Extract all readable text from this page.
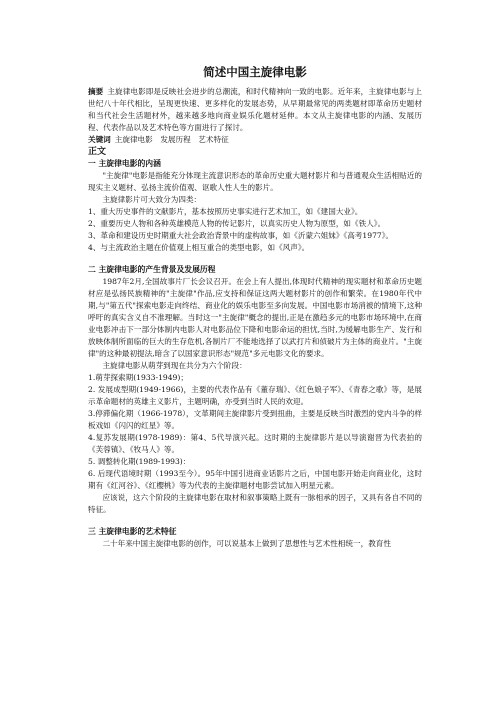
简述中国主旋律电影

摘要 主旋律电影即是反映社会进步的总潮流，和时代精神向一致的电影。近年来，主旋律电影与上世纪八十年代相比，呈现更快速、更多样化的发展态势，从早期最常见的两类题材即革命历史题材和当代社会生活题材外，越来越多地向商业娱乐化题材延伸。本文从主旋律电影的内涵、发展历程、代表作品以及艺术特色等方面进行了探讨。

关键词 主旋律电影　发展历程　艺术特征

正文
一 主旋律电影的内涵

"主旋律"电影是指能充分体现主流意识形态的革命历史重大题材影片和与普通观众生活相贴近的现实主义题材、弘扬主流价值观、讴歌人性人生的影片。

主旋律影片可大致分为四类：

1、重大历史事件的文献影片，基本按照历史事实进行艺术加工，如《建国大业》。

2、重要历史人物和各种英雄模范人物的传记影片，以真实历史人物为原型，如《铁人》。

3、革命和建设历史时期重大社会政治背景中的虚构故事，如《沂蒙六姐妹》《高考1977》。

4、与主流政治主题在价值观上相互重合的类型电影，如《风声》。

二 主旋律电影的产生背景及发展历程

1987年2月,全国故事片厂长会议召开。在会上有人提出,体现时代精神的现实题材和革命历史题材应是弘扬民族精神的"主旋律"作品,应支持和保证这两大题材影片的创作和繁荣。在1980年代中期,与"第五代"探索电影走向终结、商业化的娱乐电影至多向发展。中国电影市场消被的情境下,这种呼吁的真实含义自不准理解。当时这一"主旋律"概念的提出,正是在激趋多元的电影市场环境中,在商业电影冲击下一部分体制内电影人对电影品位下降和电影命运的担忧,当时,为缓解电影生产、发行和放映体制所面临的巨大的生存危机,各制片厂不能地选择了以武打片和侦破片为主体的商业片。"主旋律"的这种最初提法,暗含了以国家意识形态"规范"多元电影文化的要求。

主旋律电影从萌芽到现在共分为六个阶段：

1.萌芽探索期(1933-1949)；

2. 发展成型期(1949-1966)，主要的代表作品有《董存瑞》、《红色娘子军》、《青春之歌》等，是展示革命题材的英雄主义影片，主题明确，亦受到当时人民的欢迎。

3.停滞偏化期（1966-1978），文革期间主旋律影片受到扭曲，主要是反映当时激烈的党内斗争的样板戏如《闪闪的红星》等。

4.复苏发展期(1978-1989)：第4、5代导演兴起。这时期的主旋律影片是以导演谢晋为代表拍的《芙蓉镇》、《牧马人》等。

5. 调整转化期(1989-1993)：

6. 后现代语境时期（1993至今）。95年中国引进商业话影片之后，中国电影开始走向商业化，这时期有《红河谷》、《红樱桃》等为代表的主旋律题材电影尝试加入明星元素。

应该说，这六个阶段的主旋律电影在取材和叙事策略上既有一脉相承的因子，又具有各自不同的特征。

三 主旋律电影的艺术特征

二十年来中国主旋律电影的创作，可以说基本上做到了思想性与艺术性相统一，教育性
